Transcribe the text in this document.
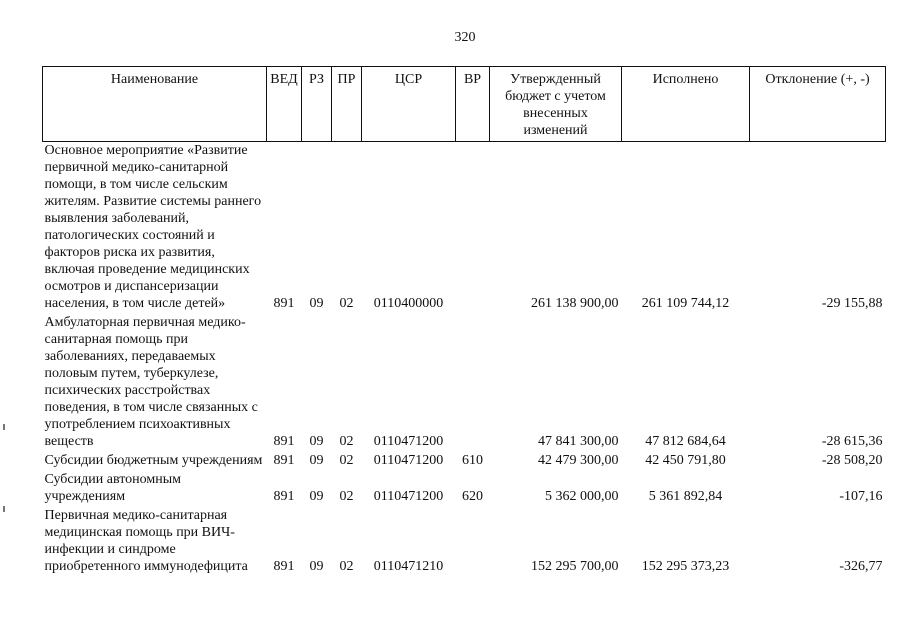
320
Наименование	ВЕД	РЗ	ПР	ЦСР	ВР	Утвержденный бюджет с учетом внесенных изменений	Исполнено	Отклонение (+, -)
Основное мероприятие «Развитие первичной медико-санитарной помощи, в том числе сельским жителям. Развитие системы раннего выявления заболеваний, патологических состояний и факторов риска их развития, включая проведение медицинских осмотров и диспансеризации населения, в том числе детей»	891	09	02	0110400000		261 138 900,00	261 109 744,12	-29 155,88
Амбулаторная первичная медико-санитарная помощь при заболеваниях, передаваемых половым путем, туберкулезе, психических расстройствах поведения, в том числе связанных с употреблением психоактивных веществ	891	09	02	0110471200		47 841 300,00	47 812 684,64	-28 615,36
Субсидии бюджетным учреждениям	891	09	02	0110471200	610	42 479 300,00	42 450 791,80	-28 508,20
Субсидии автономным учреждениям	891	09	02	0110471200	620	5 362 000,00	5 361 892,84	-107,16
Первичная медико-санитарная медицинская помощь при ВИЧ-инфекции и синдроме приобретенного иммунодефицита	891	09	02	0110471210		152 295 700,00	152 295 373,23	-326,77
